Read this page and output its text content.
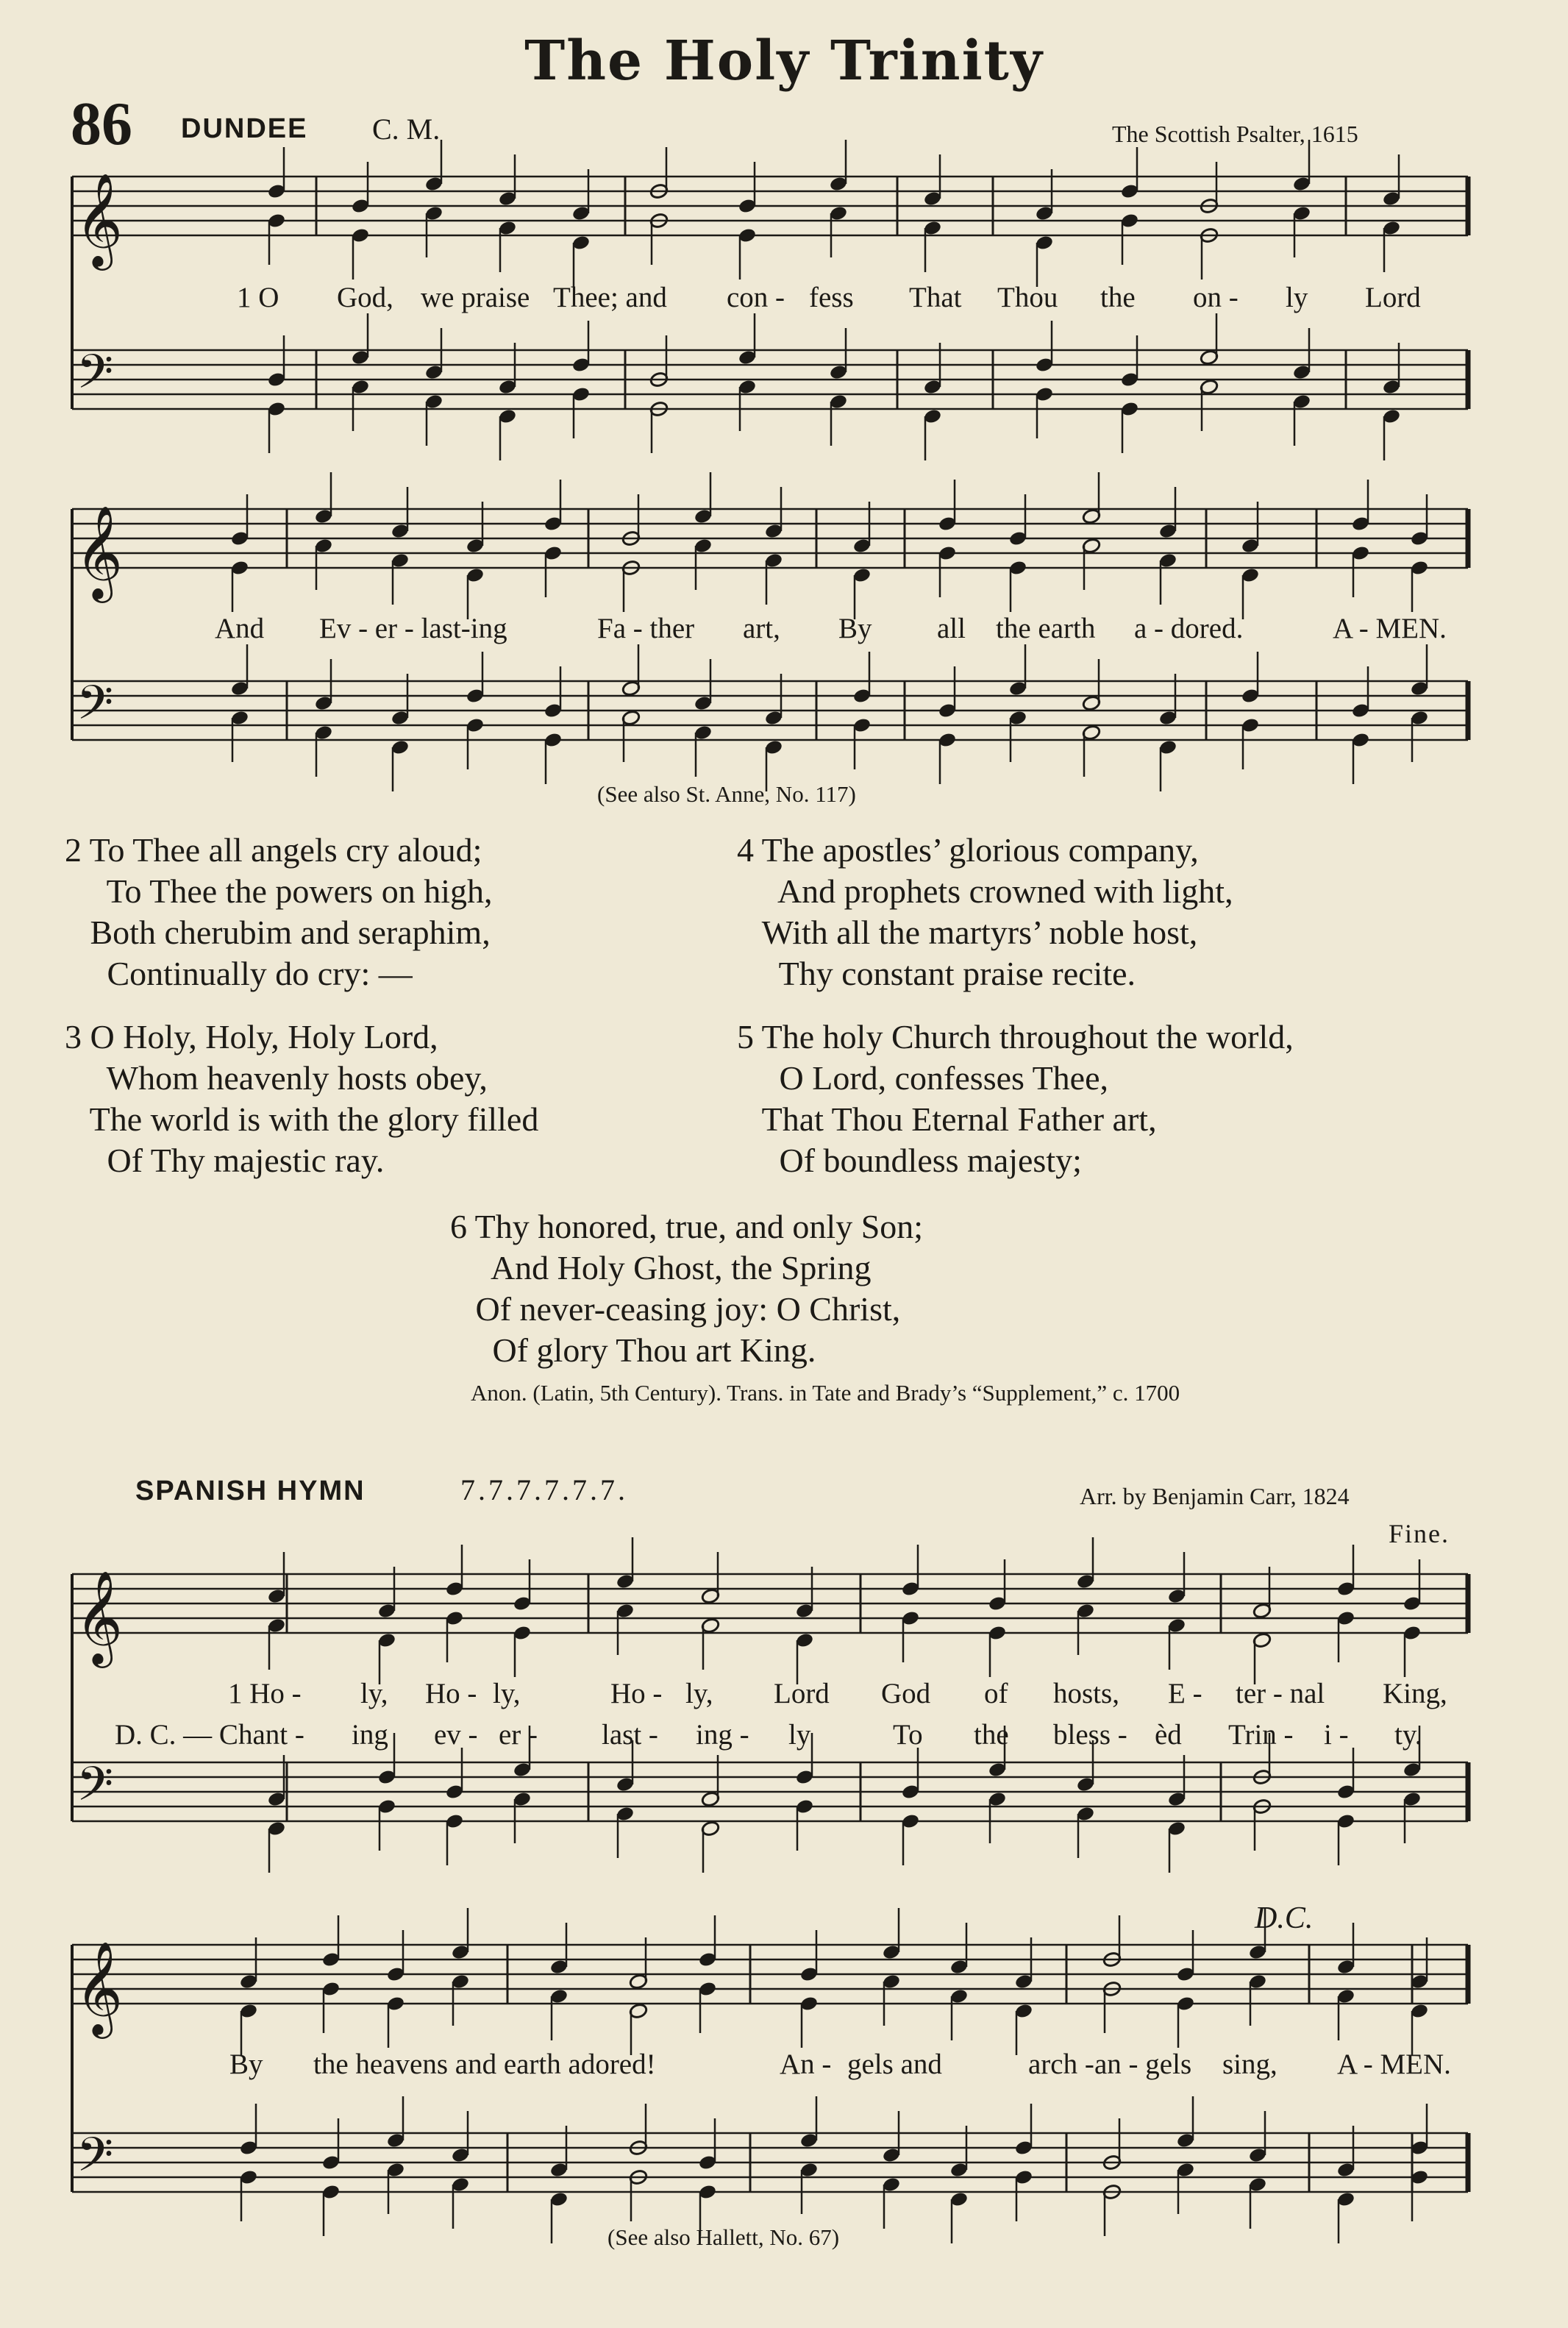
The Holy Trinity
86 DUNDEE C. M.	The Scottish Psalter, 1615
𝄞
𝄢
𝄞
𝄢
𝄞
𝄢
𝄞
𝄢
1 O God, we praise Thee; and con - fess That Thou the on - ly Lord
And Ev - er - last-ing	Fa - ther art, By all the earth a - dored.	A - MEN.
(See also St. Anne, No. 117)
2 To Thee all angels cry aloud;
To Thee the powers on high,
Both cherubim and seraphim,
Continually do cry: —
3 O Holy, Holy, Holy Lord,
Whom heavenly hosts obey,
The world is with the glory filled
Of Thy majestic ray.
4 The apostles’ glorious company,
And prophets crowned with light,
With all the martyrs’ noble host,
Thy constant praise recite.
5 The holy Church throughout the world,
O Lord, confesses Thee,
That Thou Eternal Father art,
Of boundless majesty;
6 Thy honored, true, and only Son;
And Holy Ghost, the Spring
Of never-ceasing joy: O Christ,
Of glory Thou art King.
Anon. (Latin, 5th Century). Trans. in Tate and Brady’s “Supplement,” c. 1700
SPANISH HYMN	7.7.7.7.7.7.	Arr. by Benjamin Carr, 1824
Fine.
1 Ho - ly, Ho - ly,	Ho - ly, Lord God of hosts, E - ter - nal King,
D. C. — Chant - ing ev - er - last - ing - ly	To the bless - èd Trin - i - ty.
D.C.
By the heavens and earth adored!	An - gels and	arch - an - gels sing, A - MEN.
(See also Hallett, No. 67)
